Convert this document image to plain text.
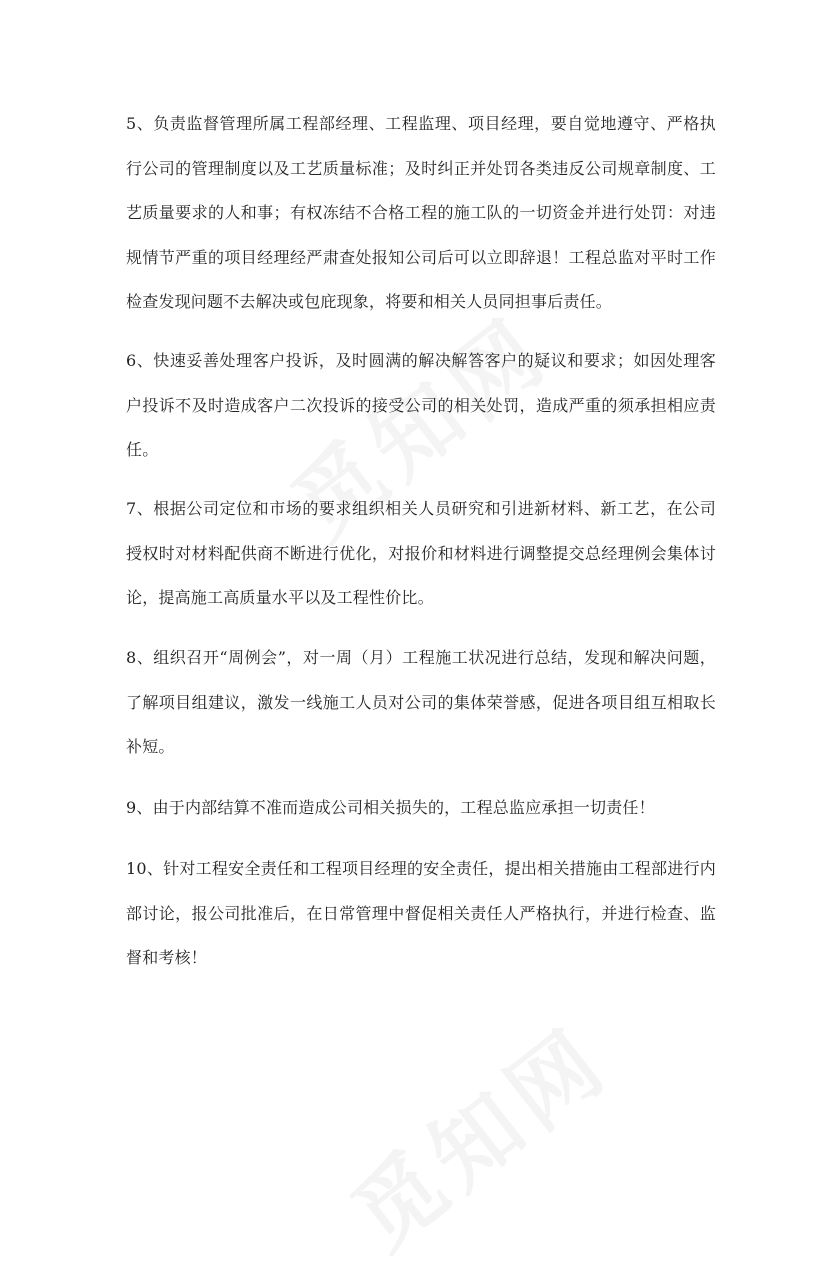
5、负责监督管理所属工程部经理、工程监理、项目经理，要自觉地遵守、严格执行公司的管理制度以及工艺质量标准；及时纠正并处罚各类违反公司规章制度、工艺质量要求的人和事；有权冻结不合格工程的施工队的一切资金并进行处罚：对违规情节严重的项目经理经严肃查处报知公司后可以立即辞退！工程总监对平时工作检查发现问题不去解决或包庇现象，将要和相关人员同担事后责任。

6、快速妥善处理客户投诉，及时圆满的解决解答客户的疑议和要求；如因处理客户投诉不及时造成客户二次投诉的接受公司的相关处罚，造成严重的须承担相应责任。

7、根据公司定位和市场的要求组织相关人员研究和引进新材料、新工艺，在公司授权时对材料配供商不断进行优化，对报价和材料进行调整提交总经理例会集体讨论，提高施工高质量水平以及工程性价比。

8、组织召开“周例会”，对一周（月）工程施工状况进行总结，发现和解决问题，了解项目组建议，激发一线施工人员对公司的集体荣誉感，促进各项目组互相取长补短。

9、由于内部结算不准而造成公司相关损失的，工程总监应承担一切责任！

10、针对工程安全责任和工程项目经理的安全责任，提出相关措施由工程部进行内部讨论，报公司批准后，在日常管理中督促相关责任人严格执行，并进行检查、监督和考核！
